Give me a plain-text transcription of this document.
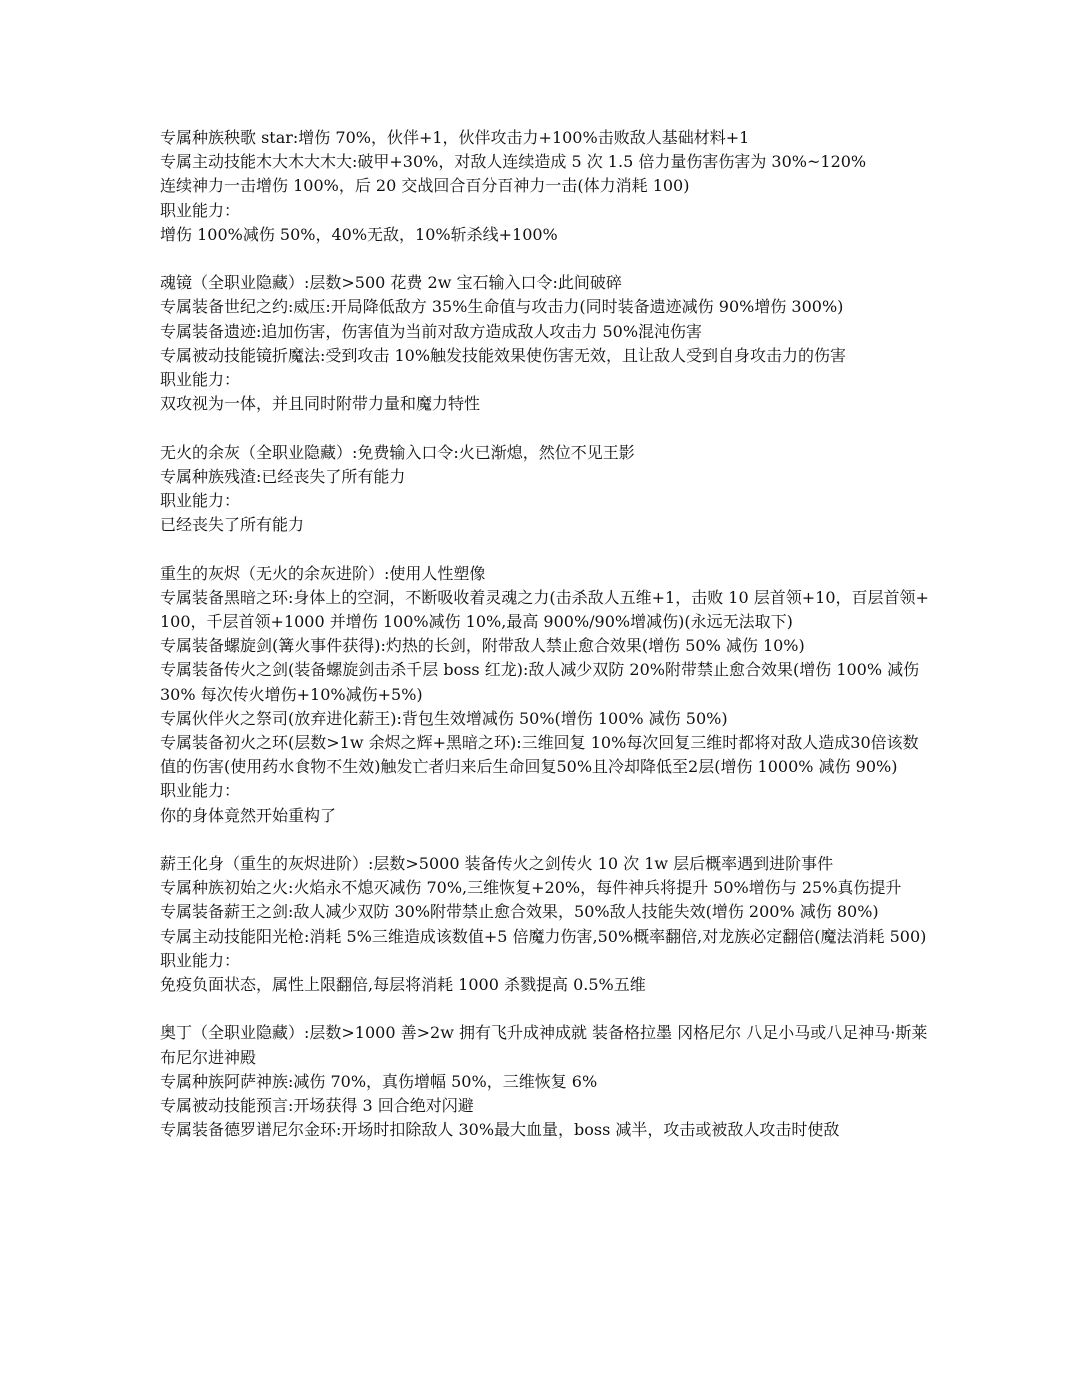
专属种族秧歌 star:增伤 70%，伙伴+1，伙伴攻击力+100%击败敌人基础材料+1
专属主动技能木大木大木大:破甲+30%，对敌人连续造成 5 次 1.5 倍力量伤害伤害为 30%~120%
连续神力一击增伤 100%，后 20 交战回合百分百神力一击(体力消耗 100)
职业能力：
增伤 100%减伤 50%，40%无敌，10%斩杀线+100%
魂镜（全职业隐藏）:层数>500 花费 2w 宝石输入口令:此间破碎
专属装备世纪之约:威压:开局降低敌方 35%生命值与攻击力(同时装备遗迹减伤 90%增伤 300%)
专属装备遗迹:追加伤害，伤害值为当前对敌方造成敌人攻击力 50%混沌伤害
专属被动技能镜折魔法:受到攻击 10%触发技能效果使伤害无效，且让敌人受到自身攻击力的伤害
职业能力：
双攻视为一体，并且同时附带力量和魔力特性
无火的余灰（全职业隐藏）:免费输入口令:火已渐熄，然位不见王影
专属种族残渣:已经丧失了所有能力
职业能力：
已经丧失了所有能力
重生的灰烬（无火的余灰进阶）:使用人性塑像
专属装备黑暗之环:身体上的空洞，不断吸收着灵魂之力(击杀敌人五维+1，击败 10 层首领+10，百层首领+100，千层首领+1000 并增伤 100%减伤 10%,最高 900%/90%增减伤)(永远无法取下)
专属装备螺旋剑(篝火事件获得):灼热的长剑，附带敌人禁止愈合效果(增伤 50% 减伤 10%)
专属装备传火之剑(装备螺旋剑击杀千层 boss 红龙):敌人减少双防 20%附带禁止愈合效果(增伤 100% 减伤 30% 每次传火增伤+10%减伤+5%)
专属伙伴火之祭司(放弃进化薪王):背包生效增减伤 50%(增伤 100% 减伤 50%)
专属装备初火之环(层数>1w 余烬之辉+黑暗之环):三维回复 10%每次回复三维时都将对敌人造成30倍该数值的伤害(使用药水食物不生效)触发亡者归来后生命回复50%且冷却降低至2层(增伤 1000% 减伤 90%)
职业能力：
你的身体竟然开始重构了
薪王化身（重生的灰烬进阶）:层数>5000 装备传火之剑传火 10 次 1w 层后概率遇到进阶事件
专属种族初始之火:火焰永不熄灭减伤 70%,三维恢复+20%，每件神兵将提升 50%增伤与 25%真伤提升
专属装备薪王之剑:敌人减少双防 30%附带禁止愈合效果，50%敌人技能失效(增伤 200% 减伤 80%)
专属主动技能阳光枪:消耗 5%三维造成该数值+5 倍魔力伤害,50%概率翻倍,对龙族必定翻倍(魔法消耗 500)
职业能力：
免疫负面状态，属性上限翻倍,每层将消耗 1000 杀戮提高 0.5%五维
奥丁（全职业隐藏）:层数>1000 善>2w 拥有飞升成神成就 装备格拉墨 冈格尼尔 八足小马或八足神马·斯莱布尼尔进神殿
专属种族阿萨神族:减伤 70%，真伤增幅 50%，三维恢复 6%
专属被动技能预言:开场获得 3 回合绝对闪避
专属装备德罗谱尼尔金环:开场时扣除敌人 30%最大血量，boss 减半，攻击或被敌人攻击时使敌
